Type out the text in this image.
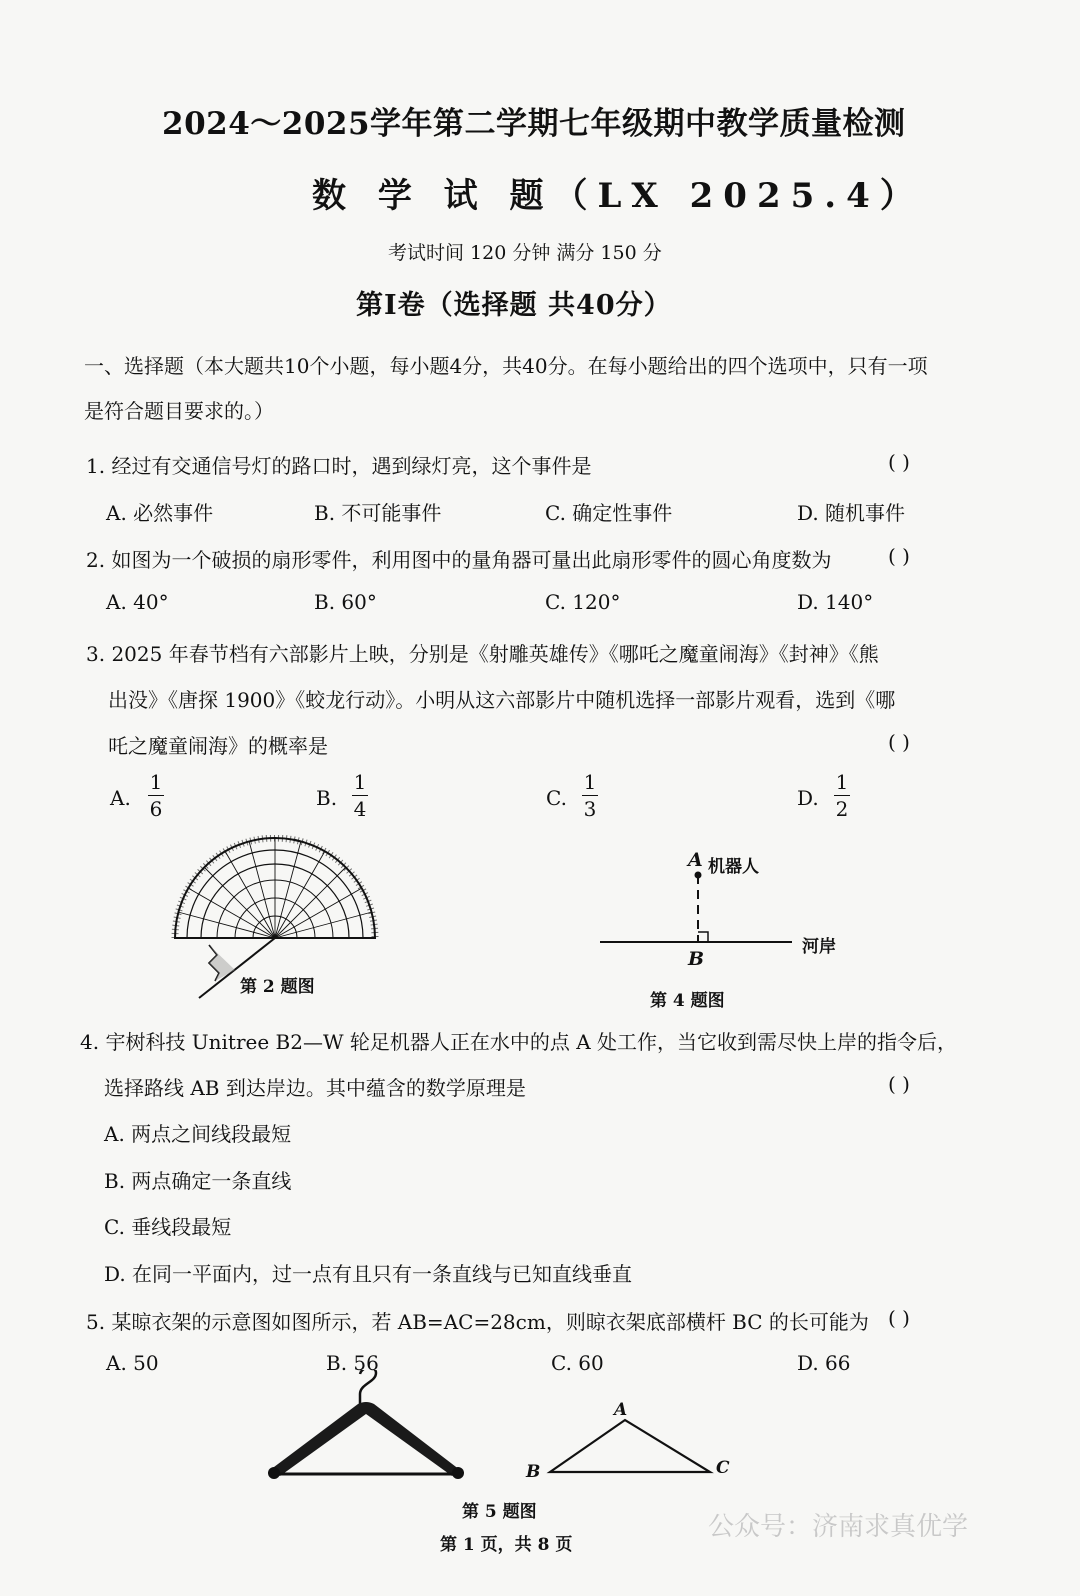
2024～2025学年第二学期七年级期中教学质量检测
数 学 试 题（LX 2025.4）
考试时间 120 分钟 满分 150 分
第Ⅰ卷（选择题 共40分）
一、选择题（本大题共10个小题，每小题4分，共40分。在每小题给出的四个选项中，只有一项
是符合题目要求的。）
1. 经过有交通信号灯的路口时，遇到绿灯亮，这个事件是	( )
A. 必然事件	B. 不可能事件	C. 确定性事件	D. 随机事件
2. 如图为一个破损的扇形零件，利用图中的量角器可量出此扇形零件的圆心角度数为	( )
A. 40°	B. 60°	C. 120°	D. 140°
3. 2025 年春节档有六部影片上映，分别是《射雕英雄传》《哪吒之魔童闹海》《封神》《熊
出没》《唐探 1900》《蛟龙行动》。小明从这六部影片中随机选择一部影片观看，选到《哪
吒之魔童闹海》的概率是	( )
A.
1
6	B.
1
4	C.
1
3	D.
1
2
第 2 题图
A 机器人
B
河岸
第 4 题图
4. 宇树科技 Unitree B2—W 轮足机器人正在水中的点 A 处工作，当它收到需尽快上岸的指令后，
选择路线 AB 到达岸边。其中蕴含的数学原理是	( )
A. 两点之间线段最短
B. 两点确定一条直线
C. 垂线段最短
D. 在同一平面内，过一点有且只有一条直线与已知直线垂直
5. 某晾衣架的示意图如图所示，若 AB=AC=28cm，则晾衣架底部横杆 BC 的长可能为 ( )
A. 50	B. 56	C. 60	D. 66
A
B	C
第 5 题图	公众号：济南求真优学
第 1 页，共 8 页
